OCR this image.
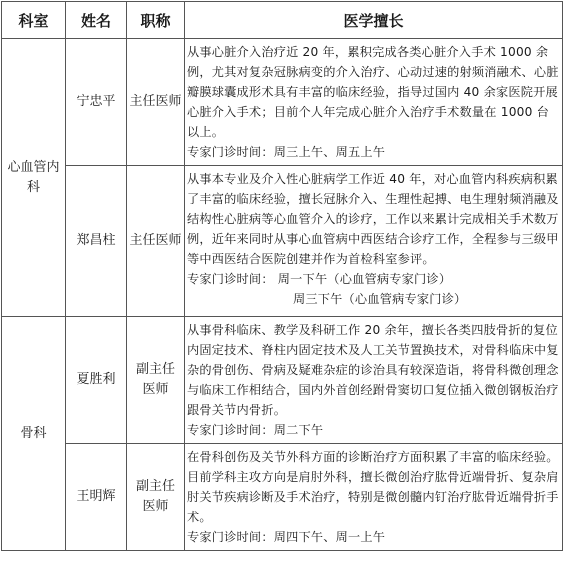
科室	姓名	职称	医学擅长
心血管内科	宁忠平	主任医师	从事心脏介入治疗近 20 年，累积完成各类心脏介入手术 1000 余例，尤其对复杂冠脉病变的介入治疗、心动过速的射频消融术、心脏瓣膜球囊成形术具有丰富的临床经验，指导过国内 40 余家医院开展心脏介入手术；目前个人年完成心脏介入治疗手术数量在 1000 台以上。

专家门诊时间：周三上午、周五上午

	郑昌柱	主任医师	从事本专业及介入性心脏病学工作近 40 年，对心血管内科疾病积累了丰富的临床经验，擅长冠脉介入、生理性起搏、电生理射频消融及结构性心脏病等心血管介入的诊疗，工作以来累计完成相关手术数万例，近年来同时从事心血管病中西医结合诊疗工作，全程参与三级甲等中西医结合医院创建并作为首检科室参评。

专家门诊时间： 周一下午（心血管病专家门诊）

周三下午（心血管病专家门诊）

骨科	夏胜利	副主任医师	从事骨科临床、教学及科研工作 20 余年，擅长各类四肢骨折的复位内固定技术、脊柱内固定技术及人工关节置换技术，对骨科临床中复杂的骨创伤、骨病及疑难杂症的诊治具有较深造诣，将骨科微创理念与临床工作相结合，国内外首创经跗骨窦切口复位插入微创钢板治疗跟骨关节内骨折。

专家门诊时间：周二下午

	王明辉	副主任医师	在骨科创伤及关节外科方面的诊断治疗方面积累了丰富的临床经验。目前学科主攻方向是肩肘外科，擅长微创治疗肱骨近端骨折、复杂肩肘关节疾病诊断及手术治疗，特别是微创髓内钉治疗肱骨近端骨折手术。

专家门诊时间：周四下午、周一上午
